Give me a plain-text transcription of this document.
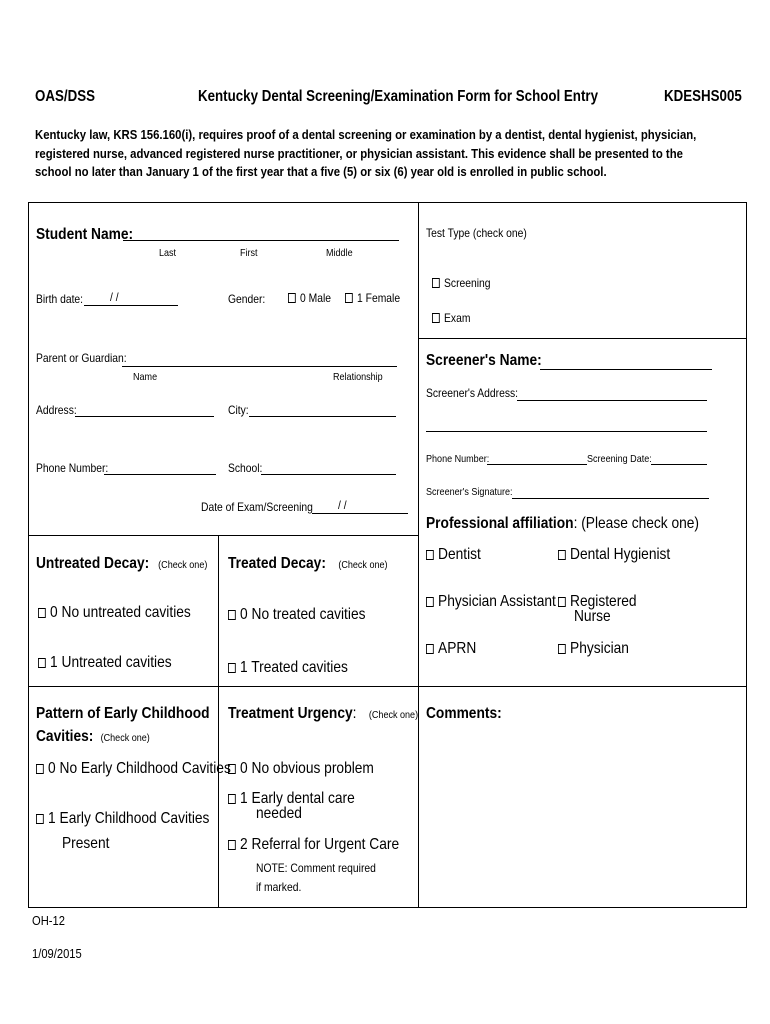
OAS/DSS	Kentucky Dental Screening/Examination Form for School Entry	KDESHS005
Kentucky law, KRS 156.160(i), requires proof of a dental screening or examination by a dentist, dental hygienist, physician, registered nurse, advanced registered nurse practitioner, or physician assistant. This evidence shall be presented to the school no later than January 1 of the first year that a five (5) or six (6) year old is enrolled in public school.
Student Name:
Last	First	Middle
Birth date: / /	Gender:	0 Male	1 Female
Parent or Guardian:
Name	Relationship
Address:	City:
Phone Number:	School:
Date of Exam/Screening / /
Test Type (check one)
Screening
Exam
Screener's Name:
Screener's Address:
Phone Number:	Screening Date:
Screener's Signature:
Professional affiliation: (Please check one)
Dentist	Dental Hygienist
Physician Assistant Registered
Nurse
APRN	Physician
Untreated Decay: (Check one)
0 No untreated cavities
1 Untreated cavities
Treated Decay: (Check one)
0 No treated cavities
1 Treated cavities
Pattern of Early Childhood
Cavities: (Check one)
0 No Early Childhood Cavities
1 Early Childhood Cavities
Present
Treatment Urgency: (Check one)
0 No obvious problem
1 Early dental care
needed
2 Referral for Urgent Care
NOTE: Comment required
if marked.
Comments:
OH-12
1/09/2015
